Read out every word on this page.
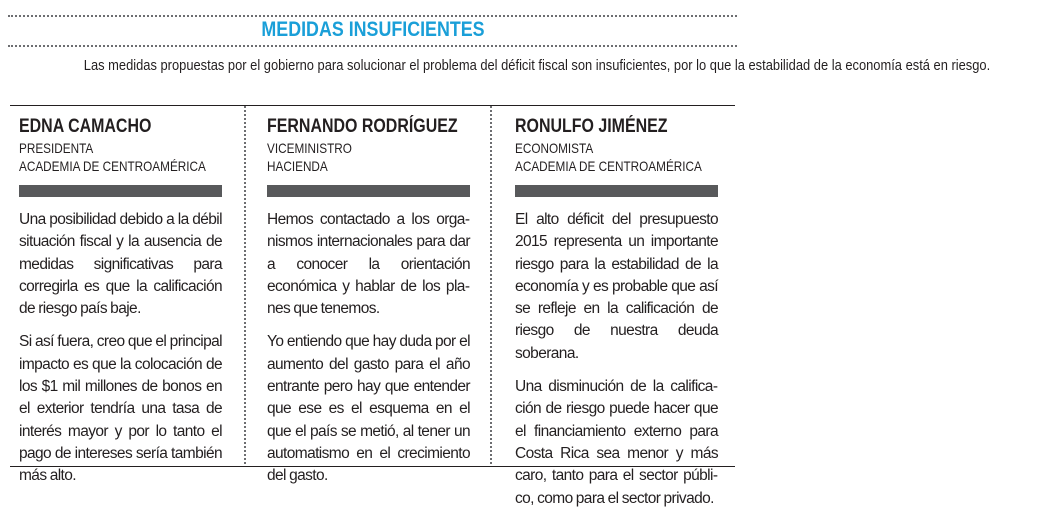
MEDIDAS INSUFICIENTES
Las medidas propuestas por el gobierno para solucionar el problema del déficit fiscal son insuficientes, por lo que la estabilidad de la economía está en riesgo.
EDNA CAMACHO
PRESIDENTA
ACADEMIA DE CENTROAMÉRICA

Una posibilidad debido a la débil situación fiscal y la ausencia de medidas significativas para corregirla es que la calificación de riesgo país baje.

Si así fuera, creo que el principal impacto es que la colocación de los $1 mil millones de bonos en el exterior tendría una tasa de interés mayor y por lo tanto el pago de intereses sería también más alto.

FERNANDO RODRÍGUEZ
VICEMINISTRO
HACIENDA

Hemos contactado a los organismos internacionales para dar a conocer la orientación económica y hablar de los planes que tenemos.

Yo entiendo que hay duda por el aumento del gasto para el año entrante pero hay que entender que ese es el esquema en el que el país se metió, al tener un automatismo en el crecimiento del gasto.

RONULFO JIMÉNEZ
ECONOMISTA
ACADEMIA DE CENTROAMÉRICA

El alto déficit del presupuesto 2015 representa un importante riesgo para la estabilidad de la economía y es probable que así se refleje en la calificación de riesgo de nuestra deuda soberana.

Una disminución de la calificación de riesgo puede hacer que el financiamiento externo para Costa Rica sea menor y más caro, tanto para el sector público, como para el sector privado.
